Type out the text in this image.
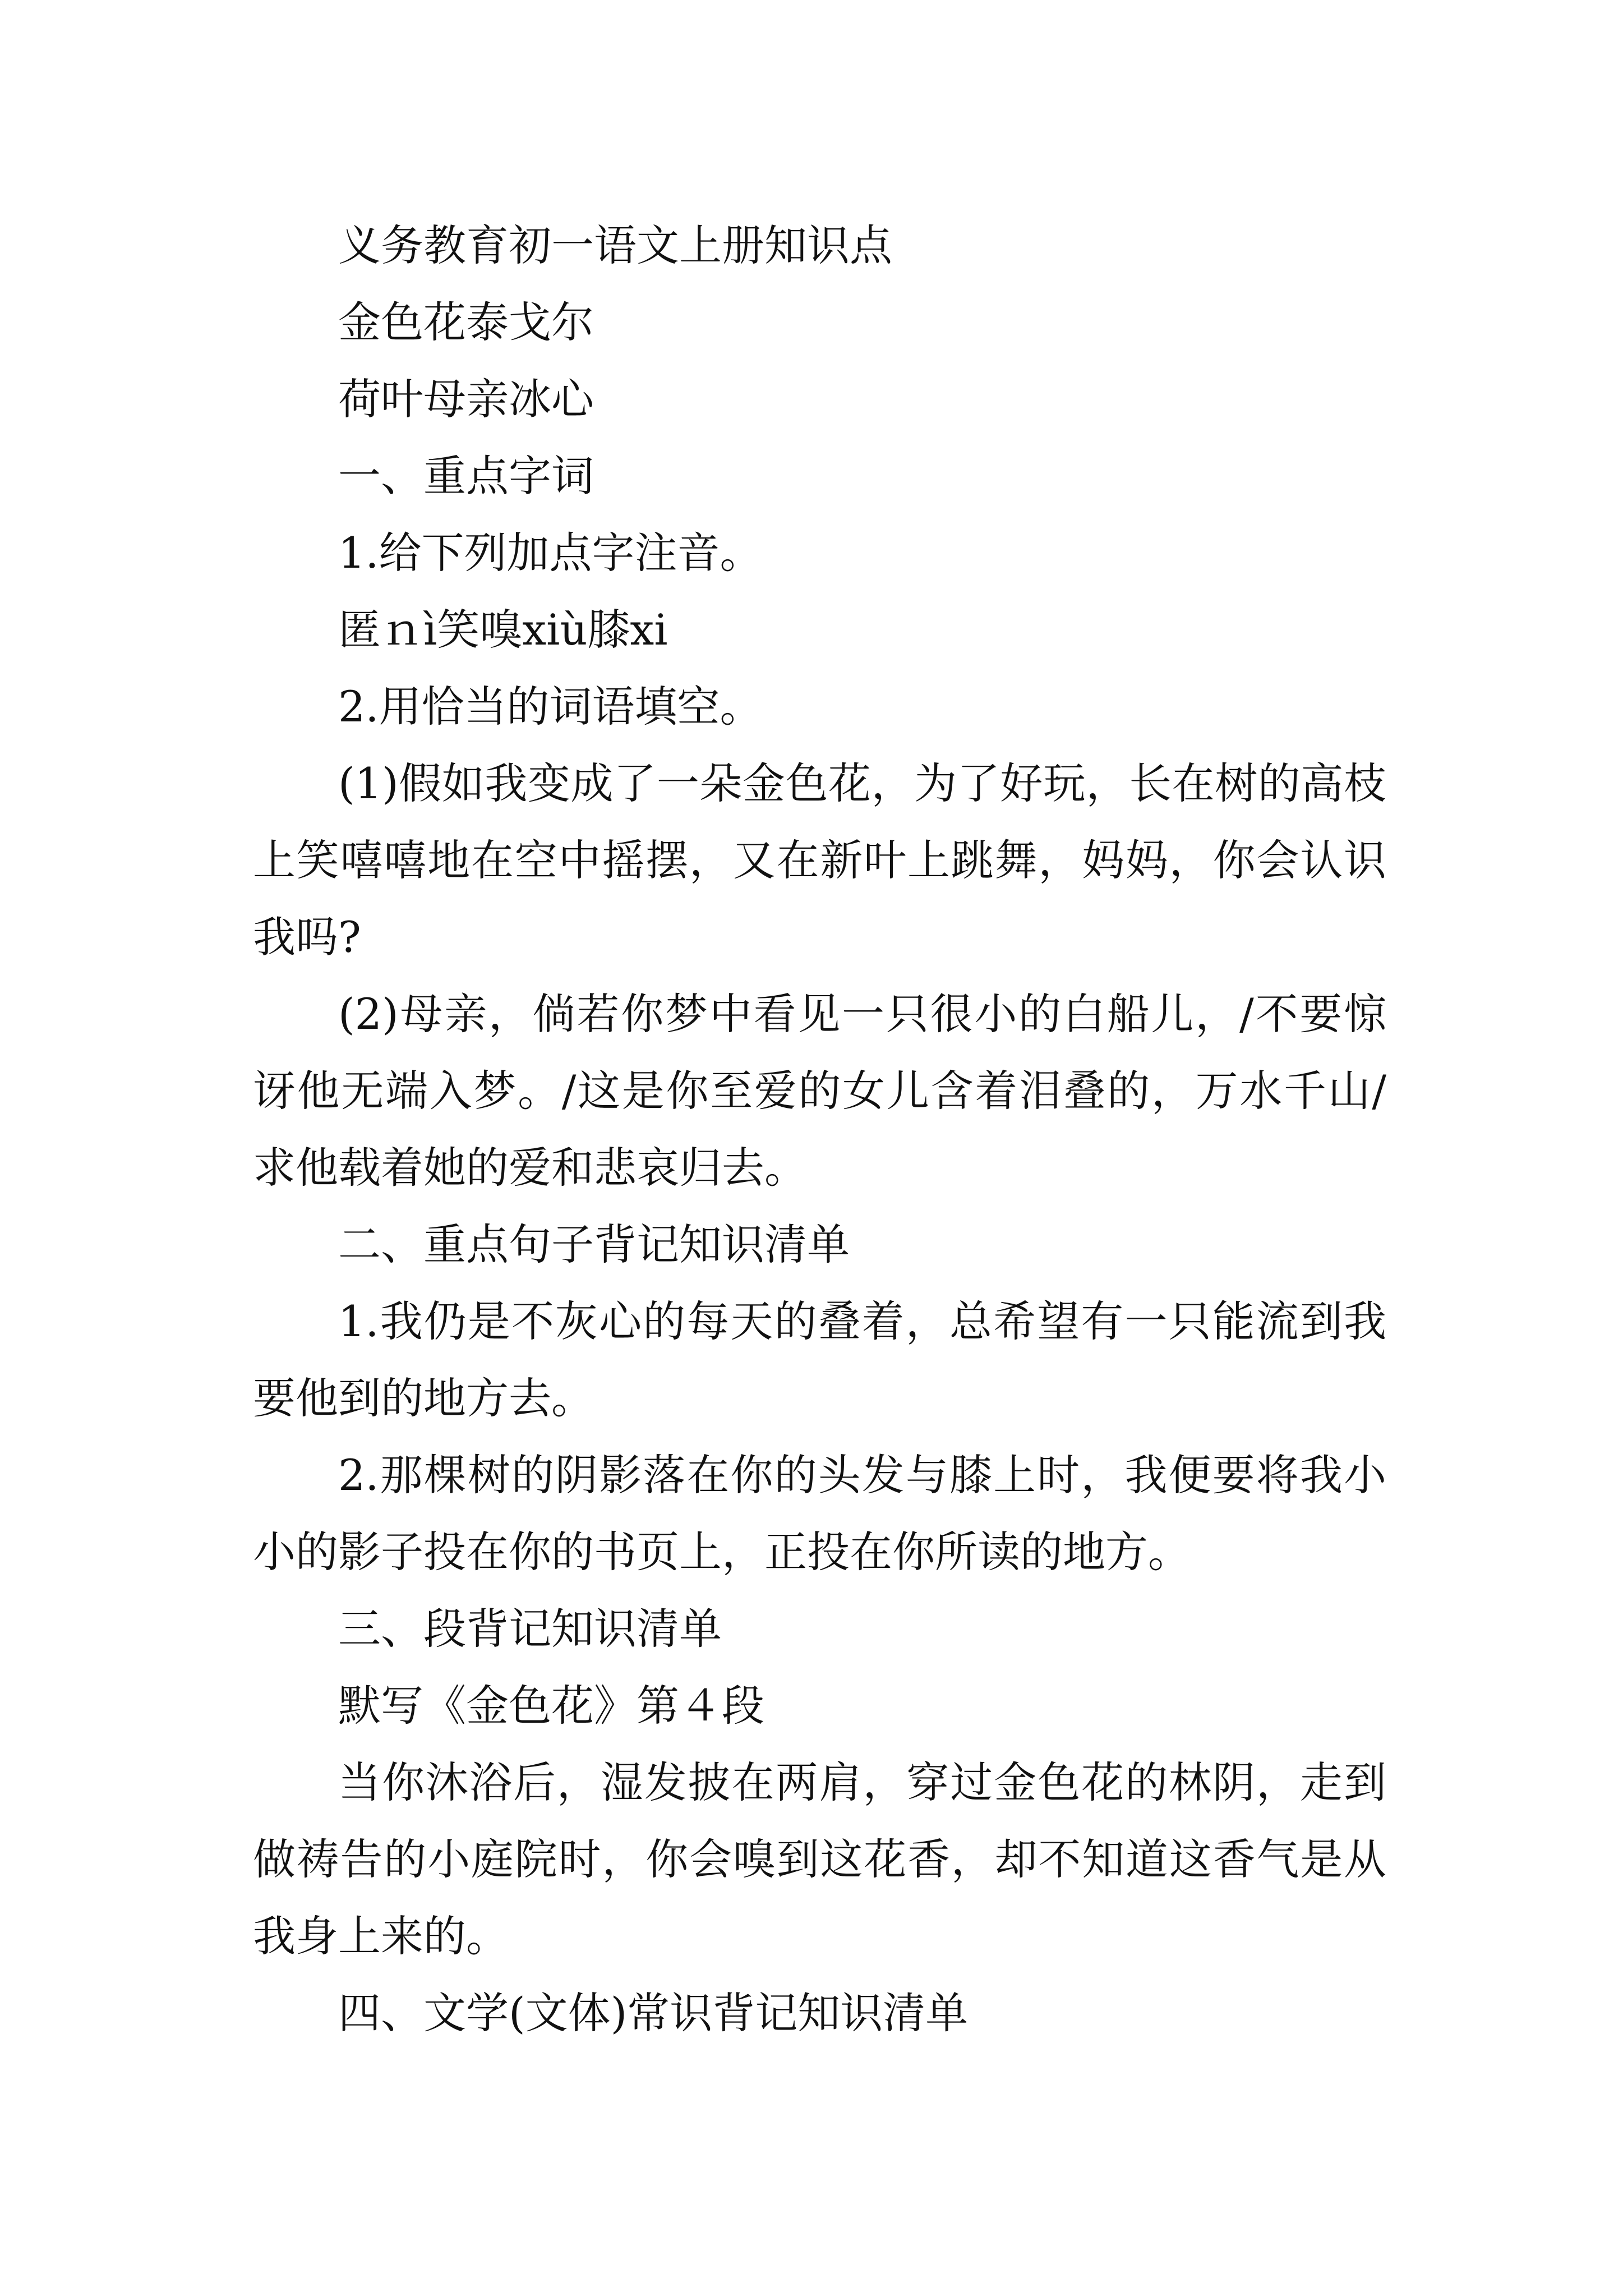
义务教育初一语文上册知识点

金色花泰戈尔

荷叶母亲冰心

一、重点字词

1.给下列加点字注音。

匿ｎì笑嗅xiù膝xi

2.用恰当的词语填空。

(1)假如我变成了一朵金色花，为了好玩，长在树的高枝上笑嘻嘻地在空中摇摆，又在新叶上跳舞，妈妈，你会认识我吗?

(2)母亲，倘若你梦中看见一只很小的白船儿，/不要惊讶他无端入梦。/这是你至爱的女儿含着泪叠的，万水千山/求他载着她的爱和悲哀归去。

二、重点句子背记知识清单

1.我仍是不灰心的每天的叠着，总希望有一只能流到我要他到的地方去。

2.那棵树的阴影落在你的头发与膝上时，我便要将我小小的影子投在你的书页上，正投在你所读的地方。

三、段背记知识清单

默写《金色花》第４段

当你沐浴后，湿发披在两肩，穿过金色花的林阴，走到做祷告的小庭院时，你会嗅到这花香，却不知道这香气是从我身上来的。

四、文学(文体)常识背记知识清单
